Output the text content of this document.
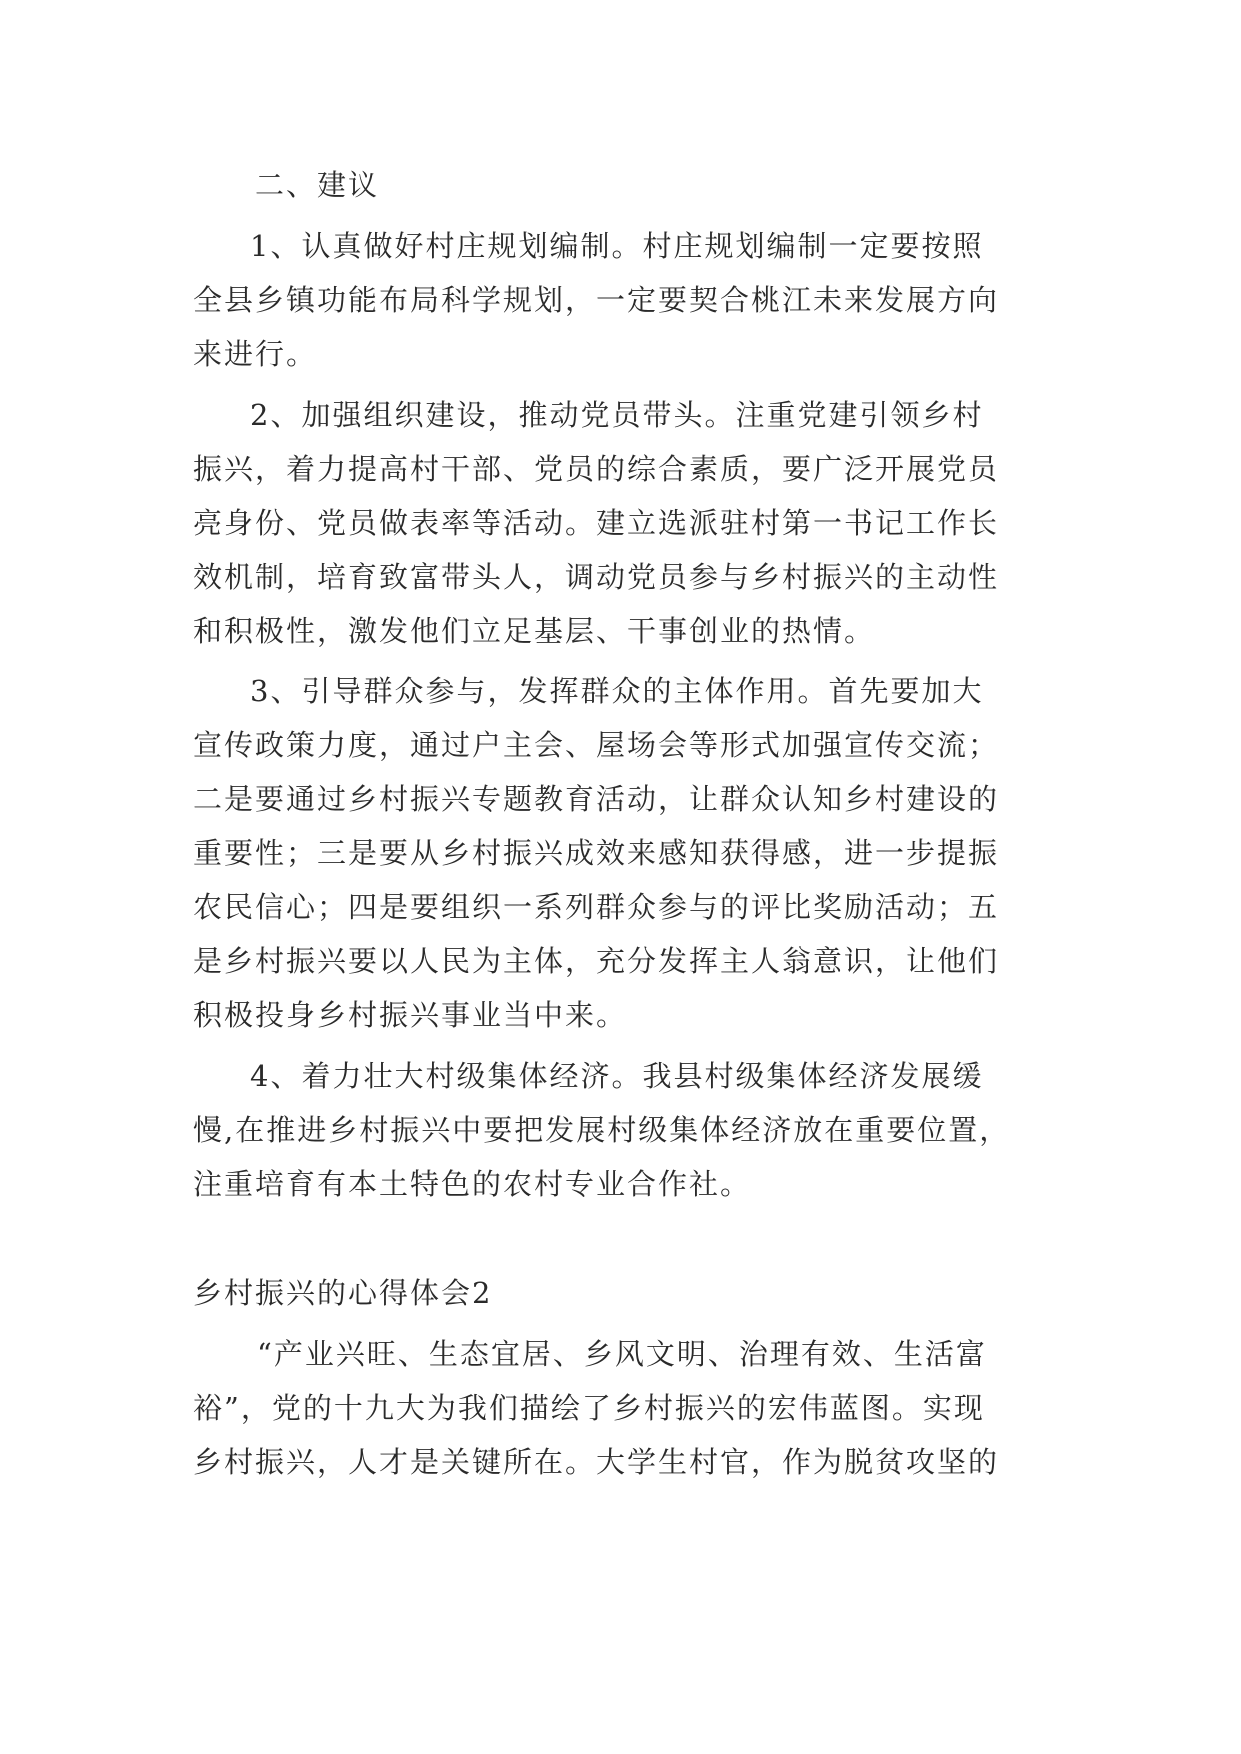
二、建议
1、认真做好村庄规划编制。村庄规划编制一定要按照
全县乡镇功能布局科学规划，一定要契合桃江未来发展方向
来进行。
2、加强组织建设，推动党员带头。注重党建引领乡村
振兴，着力提高村干部、党员的综合素质，要广泛开展党员
亮身份、党员做表率等活动。建立选派驻村第一书记工作长
效机制，培育致富带头人，调动党员参与乡村振兴的主动性
和积极性，激发他们立足基层、干事创业的热情。
3、引导群众参与，发挥群众的主体作用。首先要加大
宣传政策力度，通过户主会、屋场会等形式加强宣传交流；
二是要通过乡村振兴专题教育活动，让群众认知乡村建设的
重要性；三是要从乡村振兴成效来感知获得感，进一步提振
农民信心；四是要组织一系列群众参与的评比奖励活动；五
是乡村振兴要以人民为主体，充分发挥主人翁意识，让他们
积极投身乡村振兴事业当中来。
4、着力壮大村级集体经济。我县村级集体经济发展缓
慢,在推进乡村振兴中要把发展村级集体经济放在重要位置，
注重培育有本土特色的农村专业合作社。
乡村振兴的心得体会2
“产业兴旺、生态宜居、乡风文明、治理有效、生活富
裕”，党的十九大为我们描绘了乡村振兴的宏伟蓝图。实现
乡村振兴，人才是关键所在。大学生村官，作为脱贫攻坚的
